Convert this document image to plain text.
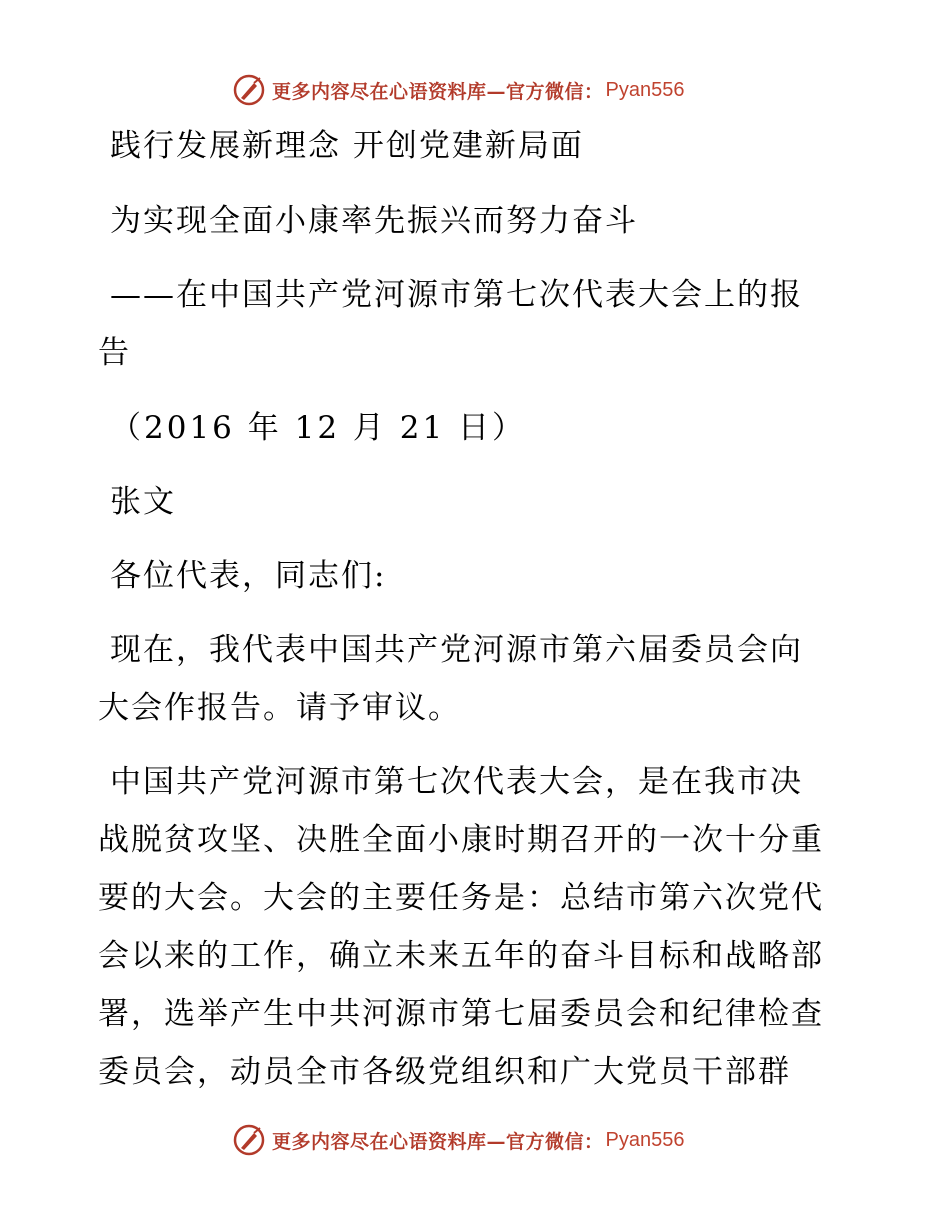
更多内容尽在心语资料库—官方微信： Pyan556
践行发展新理念 开创党建新局面
为实现全面小康率先振兴而努力奋斗
——在中国共产党河源市第七次代表大会上的报
告
（2016 年 12 月 21 日）
张文
各位代表，同志们:
现在，我代表中国共产党河源市第六届委员会向
大会作报告。请予审议。
中国共产党河源市第七次代表大会，是在我市决
战脱贫攻坚、决胜全面小康时期召开的一次十分重
要的大会。大会的主要任务是：总结市第六次党代
会以来的工作，确立未来五年的奋斗目标和战略部
署，选举产生中共河源市第七届委员会和纪律检查
委员会，动员全市各级党组织和广大党员干部群
更多内容尽在心语资料库—官方微信： Pyan556
